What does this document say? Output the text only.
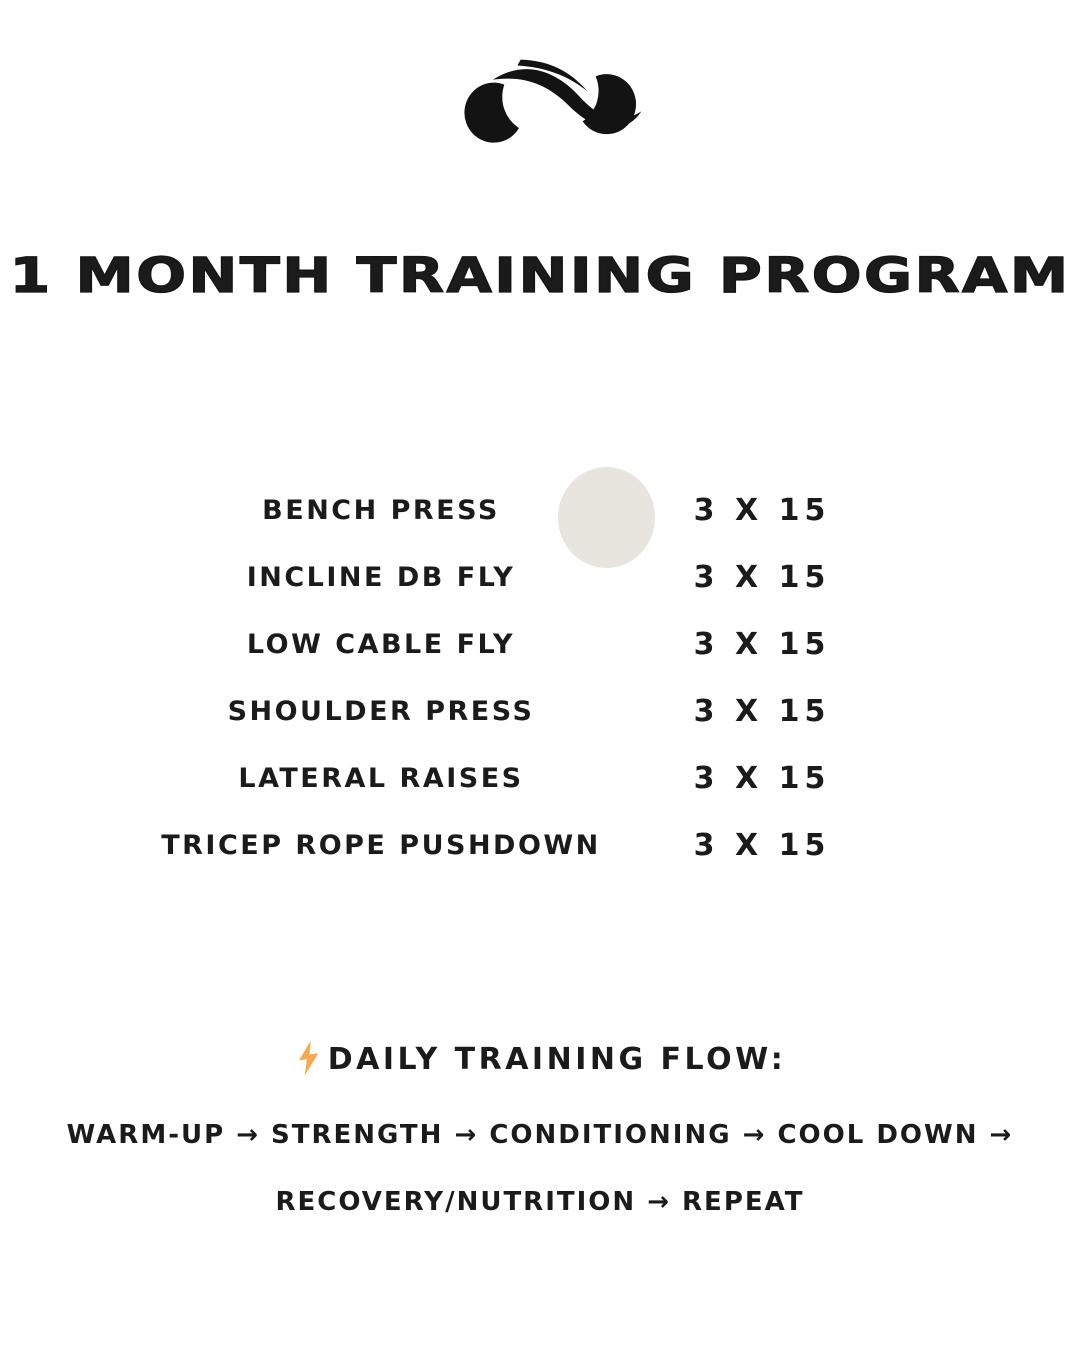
1 MONTH TRAINING PROGRAM
BENCH PRESS	3 X 15
INCLINE DB FLY	3 X 15
LOW CABLE FLY	3 X 15
SHOULDER PRESS	3 X 15
LATERAL RAISES	3 X 15
TRICEP ROPE PUSHDOWN	3 X 15
DAILY TRAINING FLOW:
WARM-UP → STRENGTH → CONDITIONING → COOL DOWN →
RECOVERY/NUTRITION → REPEAT
